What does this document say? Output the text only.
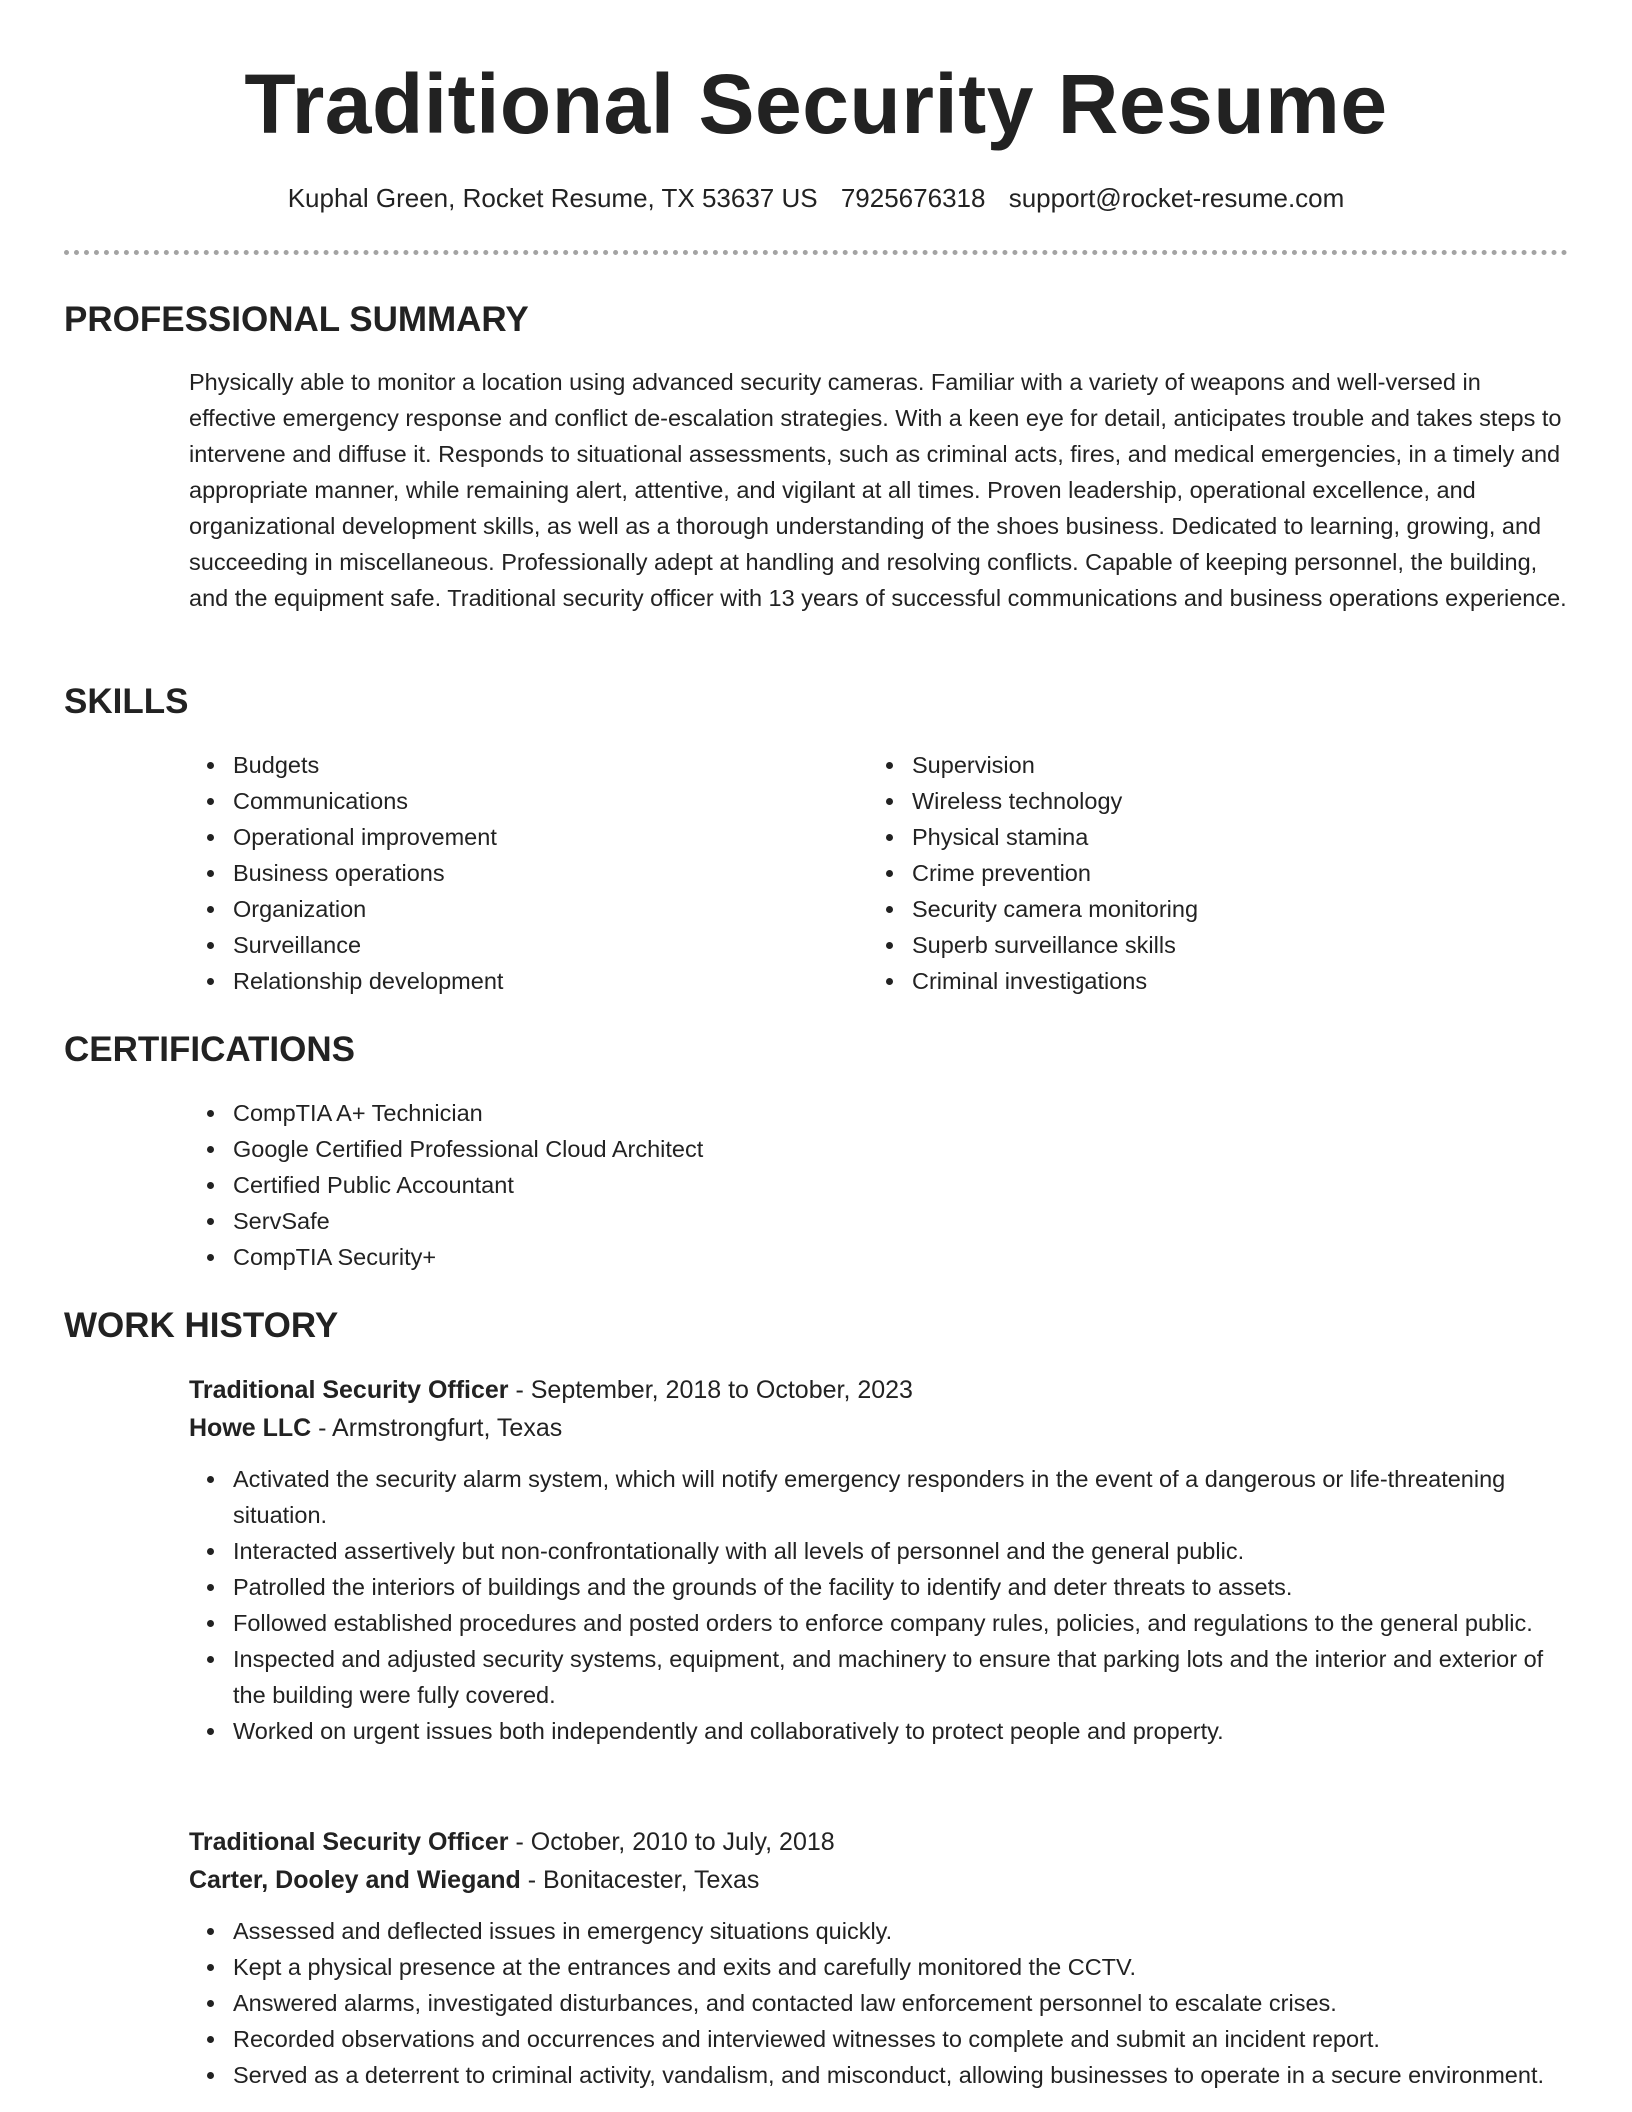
Traditional Security Resume
Kuphal Green, Rocket Resume, TX 53637 US 7925676318 support@rocket-resume.com
PROFESSIONAL SUMMARY

Physically able to monitor a location using advanced security cameras. Familiar with a variety of weapons and well-versed in effective emergency response and conflict de-escalation strategies. With a keen eye for detail, anticipates trouble and takes steps to intervene and diffuse it. Responds to situational assessments, such as criminal acts, fires, and medical emergencies, in a timely and appropriate manner, while remaining alert, attentive, and vigilant at all times. Proven leadership, operational excellence, and organizational development skills, as well as a thorough understanding of the shoes business. Dedicated to learning, growing, and succeeding in miscellaneous. Professionally adept at handling and resolving conflicts. Capable of keeping personnel, the building, and the equipment safe. Traditional security officer with 13 years of successful communications and business operations experience.

SKILLS
Budgets
Communications
Operational improvement
Business operations
Organization
Surveillance
Relationship development
Supervision
Wireless technology
Physical stamina
Crime prevention
Security camera monitoring
Superb surveillance skills
Criminal investigations
CERTIFICATIONS
CompTIA A+ Technician
Google Certified Professional Cloud Architect
Certified Public Accountant
ServSafe
CompTIA Security+
WORK HISTORY
Traditional Security Officer - September, 2018 to October, 2023
Howe LLC - Armstrongfurt, Texas
Activated the security alarm system, which will notify emergency responders in the event of a dangerous or life-threatening situation.
Interacted assertively but non-confrontationally with all levels of personnel and the general public.
Patrolled the interiors of buildings and the grounds of the facility to identify and deter threats to assets.
Followed established procedures and posted orders to enforce company rules, policies, and regulations to the general public.
Inspected and adjusted security systems, equipment, and machinery to ensure that parking lots and the interior and exterior of the building were fully covered.
Worked on urgent issues both independently and collaboratively to protect people and property.
Traditional Security Officer - October, 2010 to July, 2018
Carter, Dooley and Wiegand - Bonitacester, Texas
Assessed and deflected issues in emergency situations quickly.
Kept a physical presence at the entrances and exits and carefully monitored the CCTV.
Answered alarms, investigated disturbances, and contacted law enforcement personnel to escalate crises.
Recorded observations and occurrences and interviewed witnesses to complete and submit an incident report.
Served as a deterrent to criminal activity, vandalism, and misconduct, allowing businesses to operate in a secure environment.
